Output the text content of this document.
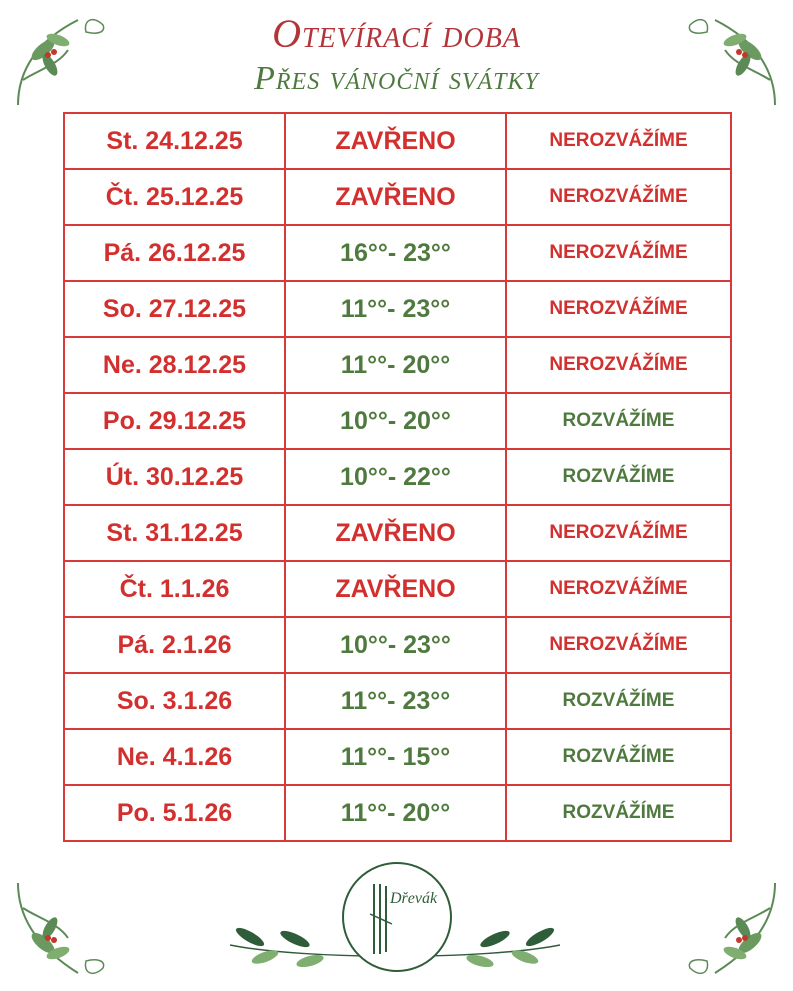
Otevírací doba
Přes vánoční svátky
St. 24.12.25	ZAVŘENO	NEROZVÁŽÍME
Čt. 25.12.25	ZAVŘENO	NEROZVÁŽÍME
Pá. 26.12.25	16°°- 23°°	NEROZVÁŽÍME
So. 27.12.25	11°°- 23°°	NEROZVÁŽÍME
Ne. 28.12.25	11°°- 20°°	NEROZVÁŽÍME
Po. 29.12.25	10°°- 20°°	ROZVÁŽÍME
Út. 30.12.25	10°°- 22°°	ROZVÁŽÍME
St. 31.12.25	ZAVŘENO	NEROZVÁŽÍME
Čt. 1.1.26	ZAVŘENO	NEROZVÁŽÍME
Pá. 2.1.26	10°°- 23°°	NEROZVÁŽÍME
So. 3.1.26	11°°- 23°°	ROZVÁŽÍME
Ne. 4.1.26	11°°- 15°°	ROZVÁŽÍME
Po. 5.1.26	11°°- 20°°	ROZVÁŽÍME
Dřevák
